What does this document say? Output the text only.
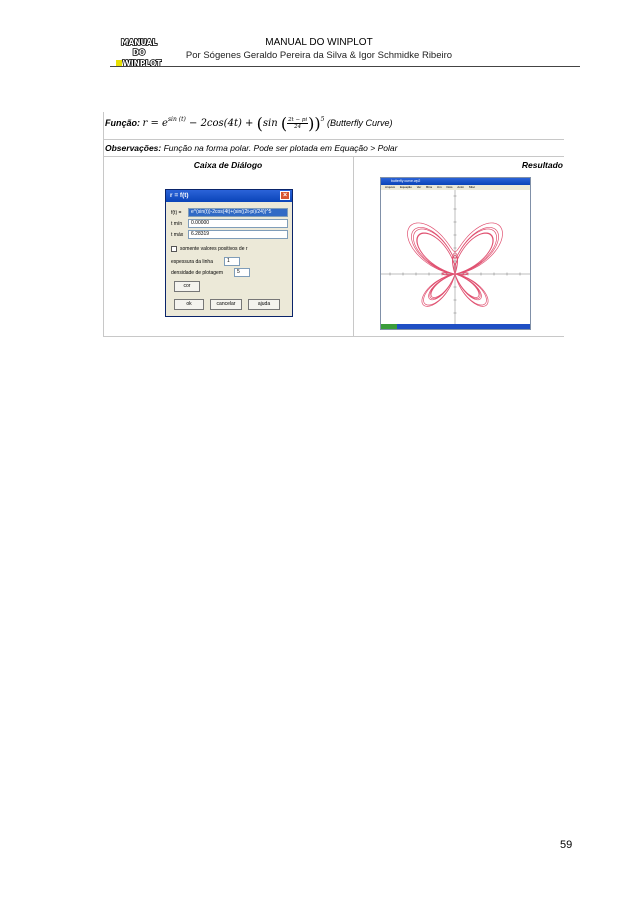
MANUAL
DO
WINPLOT
MANUAL DO WINPLOT
Por Sógenes Geraldo Pereira da Silva & Igor Schmidke Ribeiro
Função: $r = e^{sin (t)} - 2\cos(4t) + (\sin$ ( $\frac{2t - pi}{24} ))^5$ (Butterfly Curve)
Observações: Função na forma polar. Pode ser plotada em Equação > Polar
Caixa de Diálogo	Resultado
r = f(t)	×
f(t) =	e^(sin(t))-2cos(4t)+(sin((2t-pi)/24))^5
t mín	0.00000
t máx	6.28319
somente valores positivos de r
espessura da linha	1
densidade de plotagem	5
cor
ok	cancelar	ajuda
butterfly curve.wp2
Arquivo Equação Ver Btns Um Dois Anim Misc
59
